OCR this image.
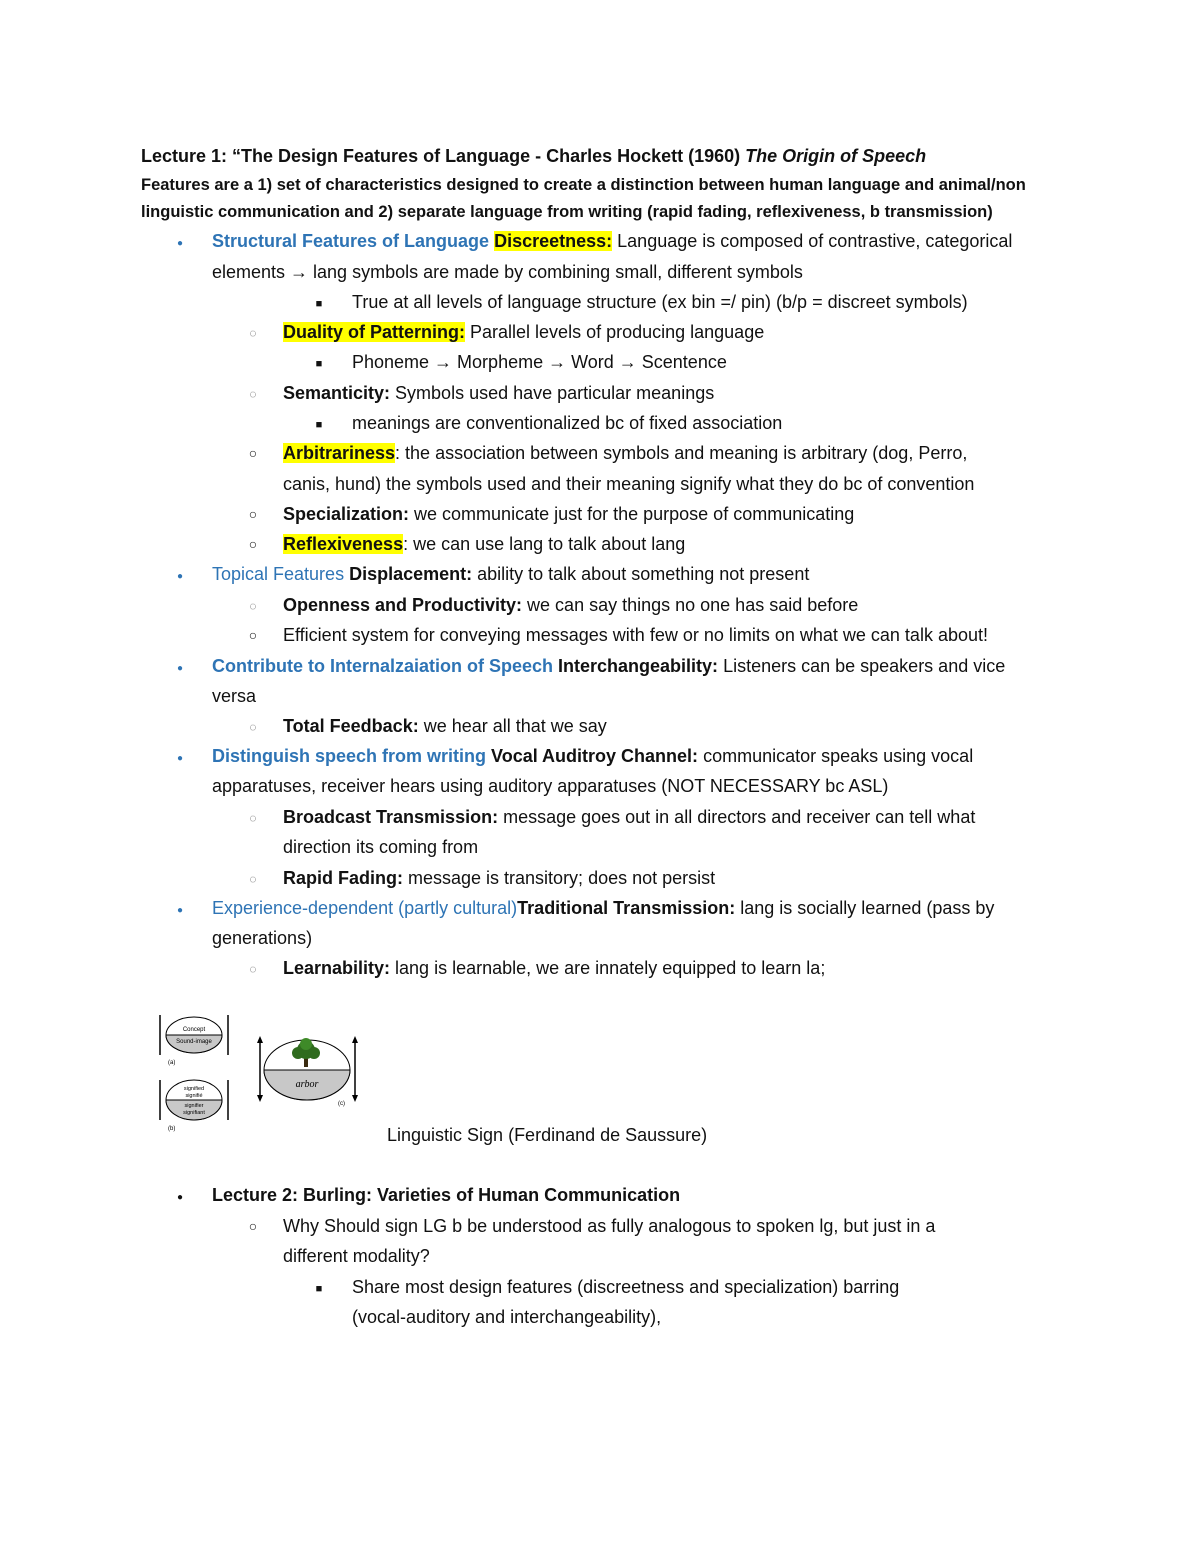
Lecture 1: “The Design Features of Language - Charles Hockett (1960) The Origin of Speech
Features are a 1) set of characteristics designed to create a distinction between human language and animal/non
linguistic communication and 2) separate language from writing (rapid fading, reflexiveness, b transmission)
●
Structural Features of Language Discreetness: Language is composed of contrastive, categorical
elements → lang symbols are made by combining small, different symbols
■
True at all levels of language structure (ex bin =/ pin) (b/p = discreet symbols)
◌
Duality of Patterning: Parallel levels of producing language
■
Phoneme → Morpheme → Word → Scentence
◌
Semanticity: Symbols used have particular meanings
■
meanings are conventionalized bc of fixed association
○
Arbitrariness: the association between symbols and meaning is arbitrary (dog, Perro,
canis, hund) the symbols used and their meaning signify what they do bc of convention
○
Specialization: we communicate just for the purpose of communicating
○
Reflexiveness: we can use lang to talk about lang
●
Topical Features Displacement: ability to talk about something not present
◌
Openness and Productivity: we can say things no one has said before
○
Efficient system for conveying messages with few or no limits on what we can talk about!
●
Contribute to Internalzaiation of Speech Interchangeability: Listeners can be speakers and vice
versa
◌
Total Feedback: we hear all that we say
●
Distinguish speech from writing Vocal Auditroy Channel: communicator speaks using vocal
apparatuses, receiver hears using auditory apparatuses (NOT NECESSARY bc ASL)
◌
Broadcast Transmission: message goes out in all directors and receiver can tell what
direction its coming from
◌
Rapid Fading: message is transitory; does not persist
●
Experience-dependent (partly cultural)Traditional Transmission: lang is socially learned (pass by
generations)
◌
Learnability: lang is learnable, we are innately equipped to learn la;
Concept
Sound-image
(a)
signified
signifié
signifier
signifiant
(b)
arbor
(c)
Linguistic Sign (Ferdinand de Saussure)
●
Lecture 2: Burling: Varieties of Human Communication
○
Why Should sign LG b be understood as fully analogous to spoken lg, but just in a
different modality?
■
Share most design features (discreetness and specialization) barring
(vocal-auditory and interchangeability),
